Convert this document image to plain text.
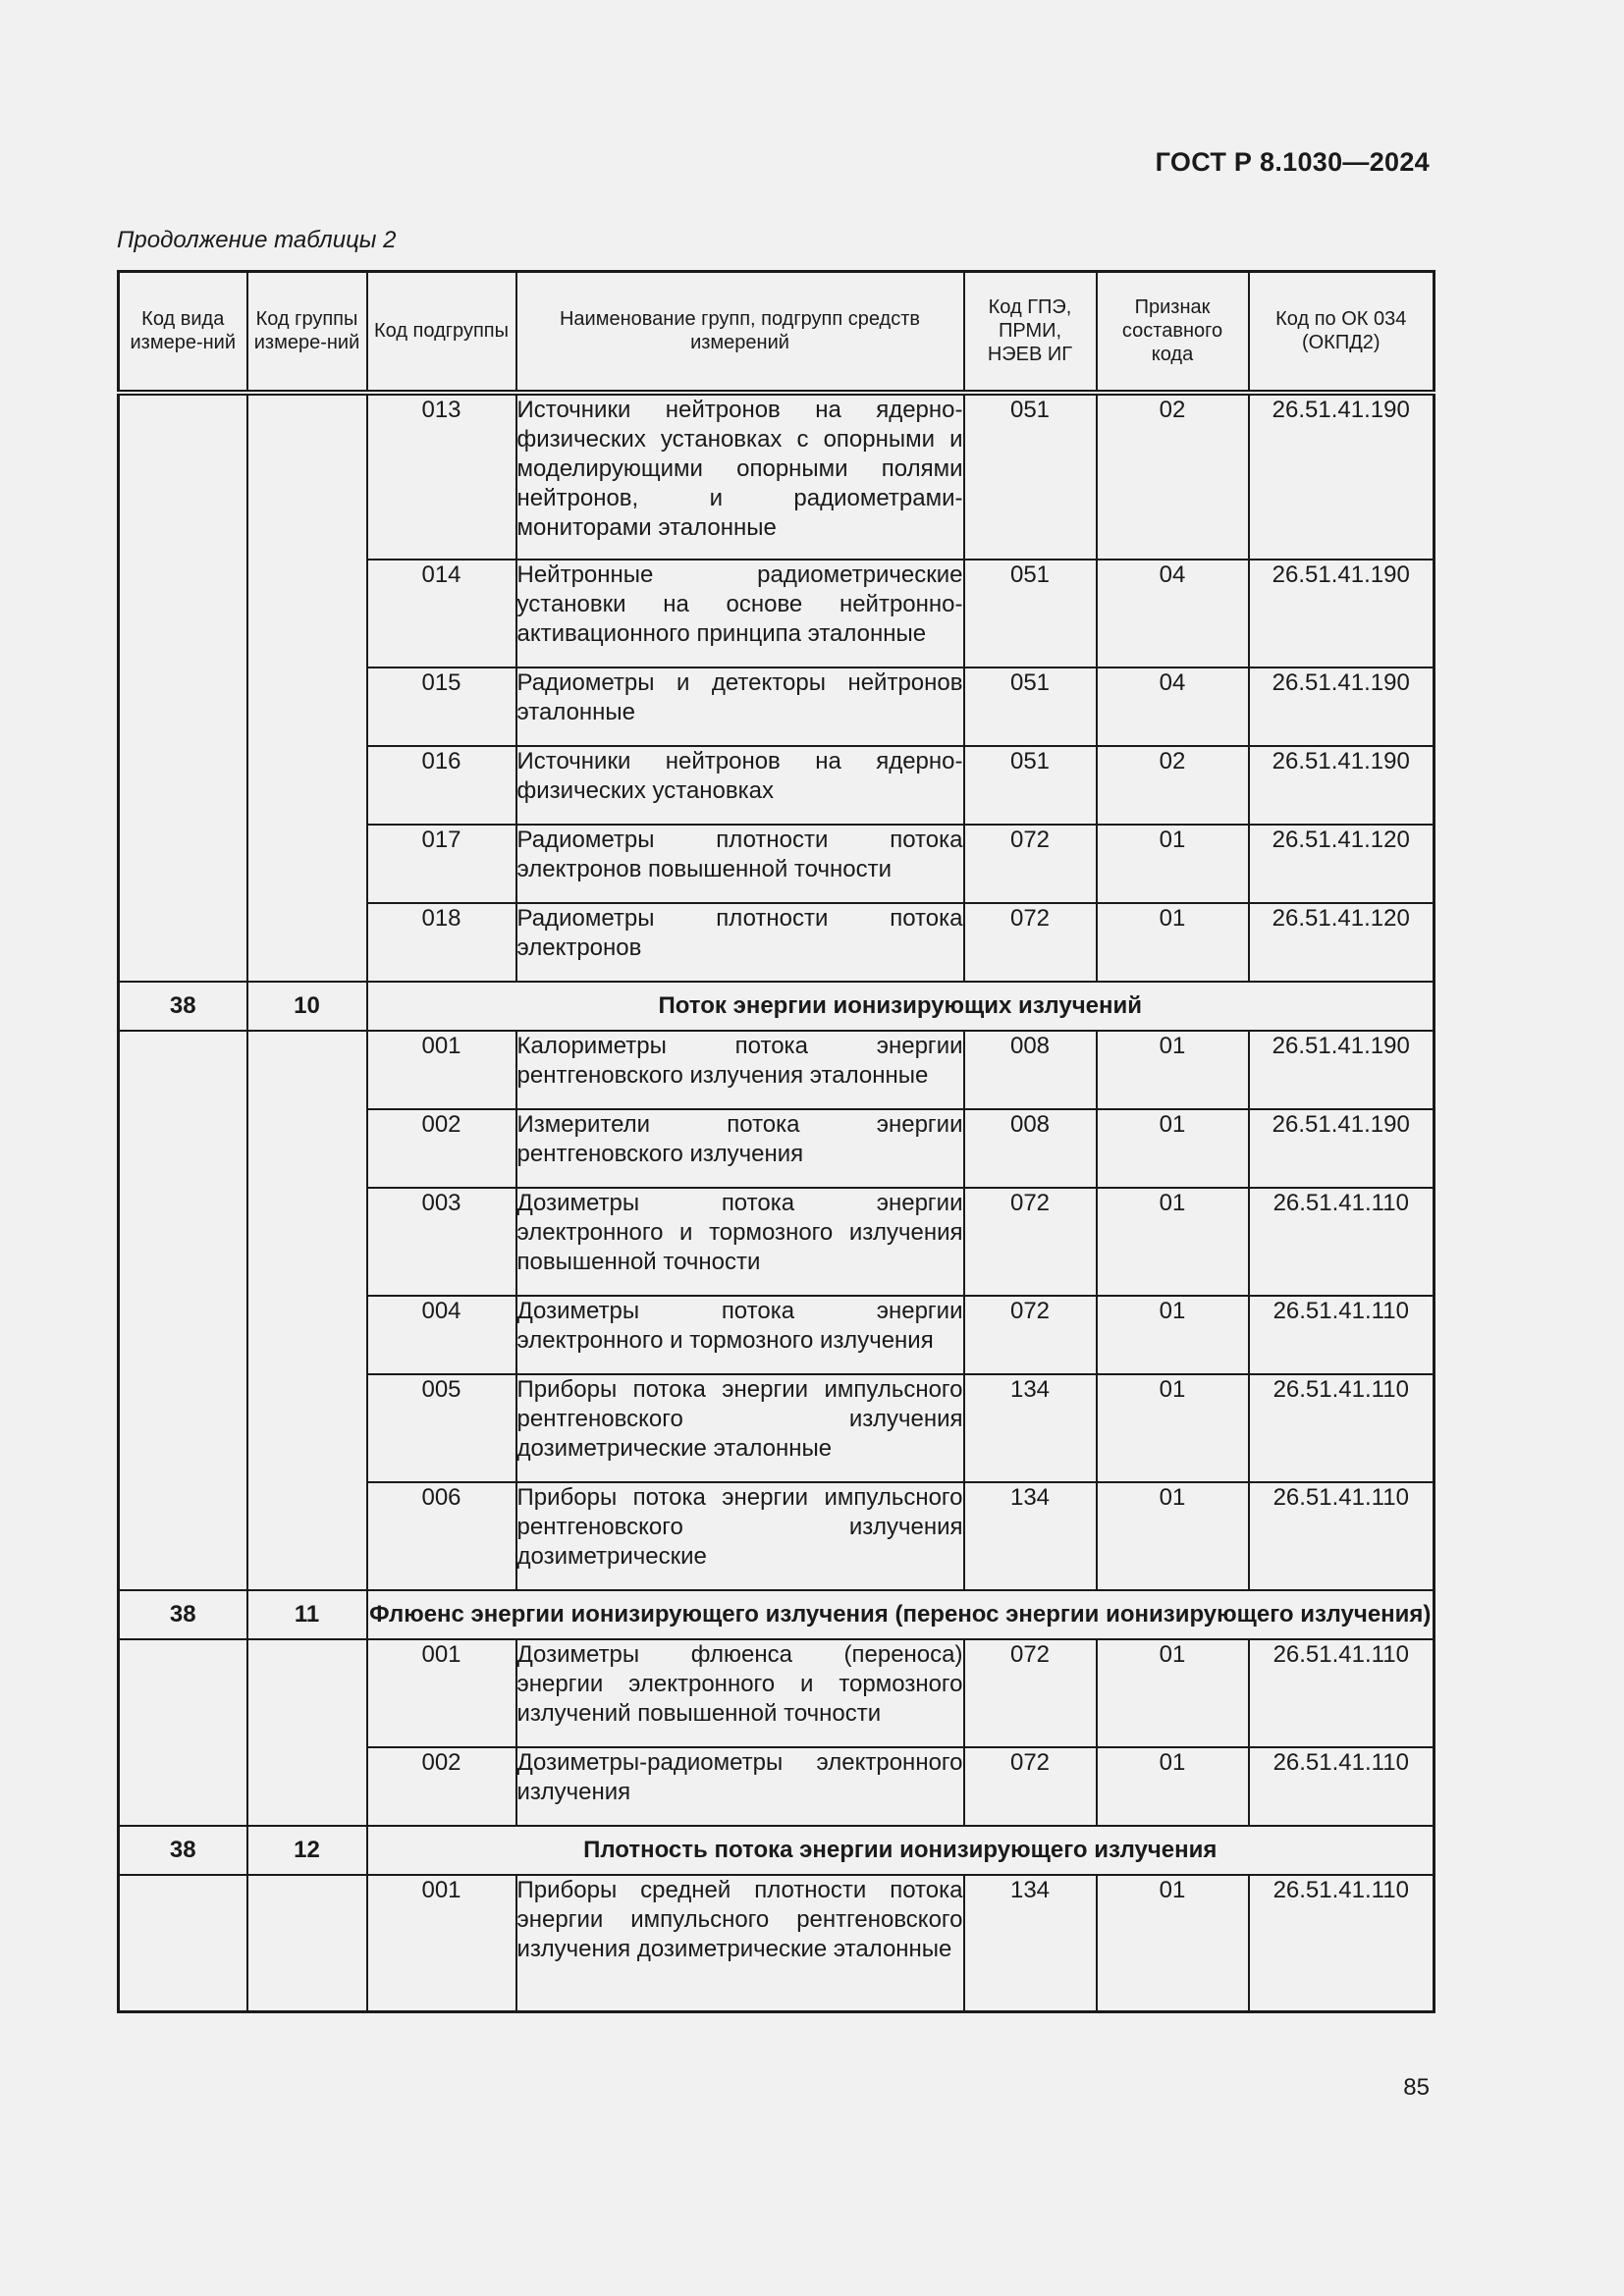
ГОСТ Р 8.1030—2024
Продолжение таблицы 2
Код вида измере-ний	Код группы измере-ний	Код подгруппы	Наименование групп, подгрупп средств измерений	Код ГПЭ, ПРМИ, НЭЕВ ИГ	Признак составного кода	Код по ОК 034 (ОКПД2)
		013	Источники нейтронов на ядерно-физических установках с опорными и моделирующими опорными полями нейтронов, и радиометрами-мониторами эталонные	051	02	26.51.41.190
		014	Нейтронные радиометрические установки на основе нейтронно-активационного принципа эталонные	051	04	26.51.41.190
		015	Радиометры и детекторы нейтронов эталонные	051	04	26.51.41.190
		016	Источники нейтронов на ядерно-физических установках	051	02	26.51.41.190
		017	Радиометры плотности потока электронов повышенной точности	072	01	26.51.41.120
		018	Радиометры плотности потока электронов	072	01	26.51.41.120
38	10	Поток энергии ионизирующих излучений				
		001	Калориметры потока энергии рентгеновского излучения эталонные	008	01	26.51.41.190
		002	Измерители потока энергии рентгеновского излучения	008	01	26.51.41.190
		003	Дозиметры потока энергии электронного и тормозного излучения повышенной точности	072	01	26.51.41.110
		004	Дозиметры потока энергии электронного и тормозного излучения	072	01	26.51.41.110
		005	Приборы потока энергии импульсного рентгеновского излучения дозиметрические эталонные	134	01	26.51.41.110
		006	Приборы потока энергии импульсного рентгеновского излучения дозиметрические	134	01	26.51.41.110
38	11	Флюенс энергии ионизирующего излучения (перенос энергии ионизирующего излучения)				
		001	Дозиметры флюенса (переноса) энергии электронного и тормозного излучений повышенной точности	072	01	26.51.41.110
		002	Дозиметры-радиометры электронного излучения	072	01	26.51.41.110
38	12	Плотность потока энергии ионизирующего излучения				
		001	Приборы средней плотности потока энергии импульсного рентгеновского излучения дозиметрические эталонные	134	01	26.51.41.110
85
